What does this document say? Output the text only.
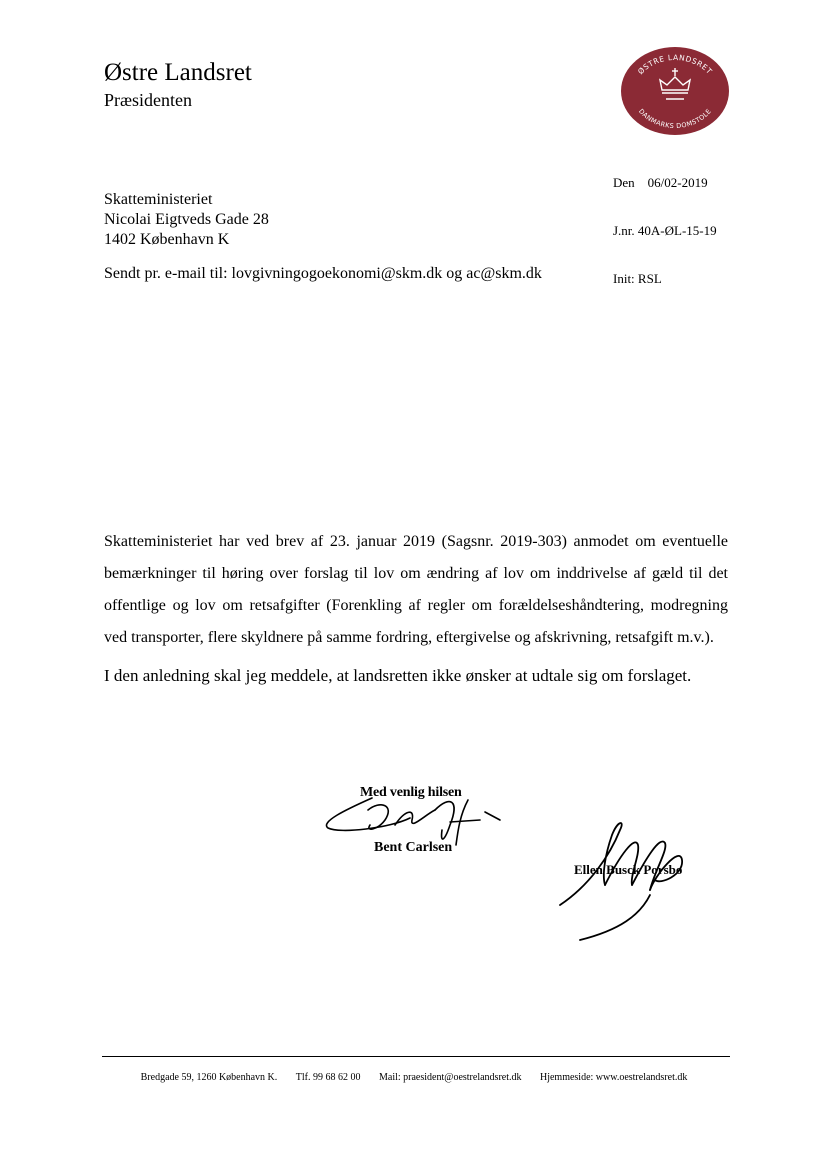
Østre Landsret
Præsidenten
ØSTRE LANDSRET
DANMARKS DOMSTOLE

Den    06/02-2019

J.nr. 40A-ØL-15-19

Init: RSL

Skatteministeriet
Nicolai Eigtveds Gade 28
1402 København K
Sendt pr. e-mail til: lovgivningogoekonomi@skm.dk og ac@skm.dk
Skatteministeriet har ved brev af 23. januar 2019 (Sagsnr. 2019-303) anmodet om eventuelle bemærkninger til høring over forslag til lov om ændring af lov om inddrivelse af gæld til det offentlige og lov om retsafgifter (Forenkling af regler om forældelseshåndtering, modregning ved transporter, flere skyldnere på samme fordring, eftergivelse og afskrivning, retsafgift m.v.).
I den anledning skal jeg meddele, at landsretten ikke ønsker at udtale sig om forslaget.
Med venlig hilsen
Bent Carlsen
Ellen Busck Porsbo
Bredgade 59, 1260 København K. Tlf. 99 68 62 00 Mail: praesident@oestrelandsret.dk Hjemmeside: www.oestrelandsret.dk
